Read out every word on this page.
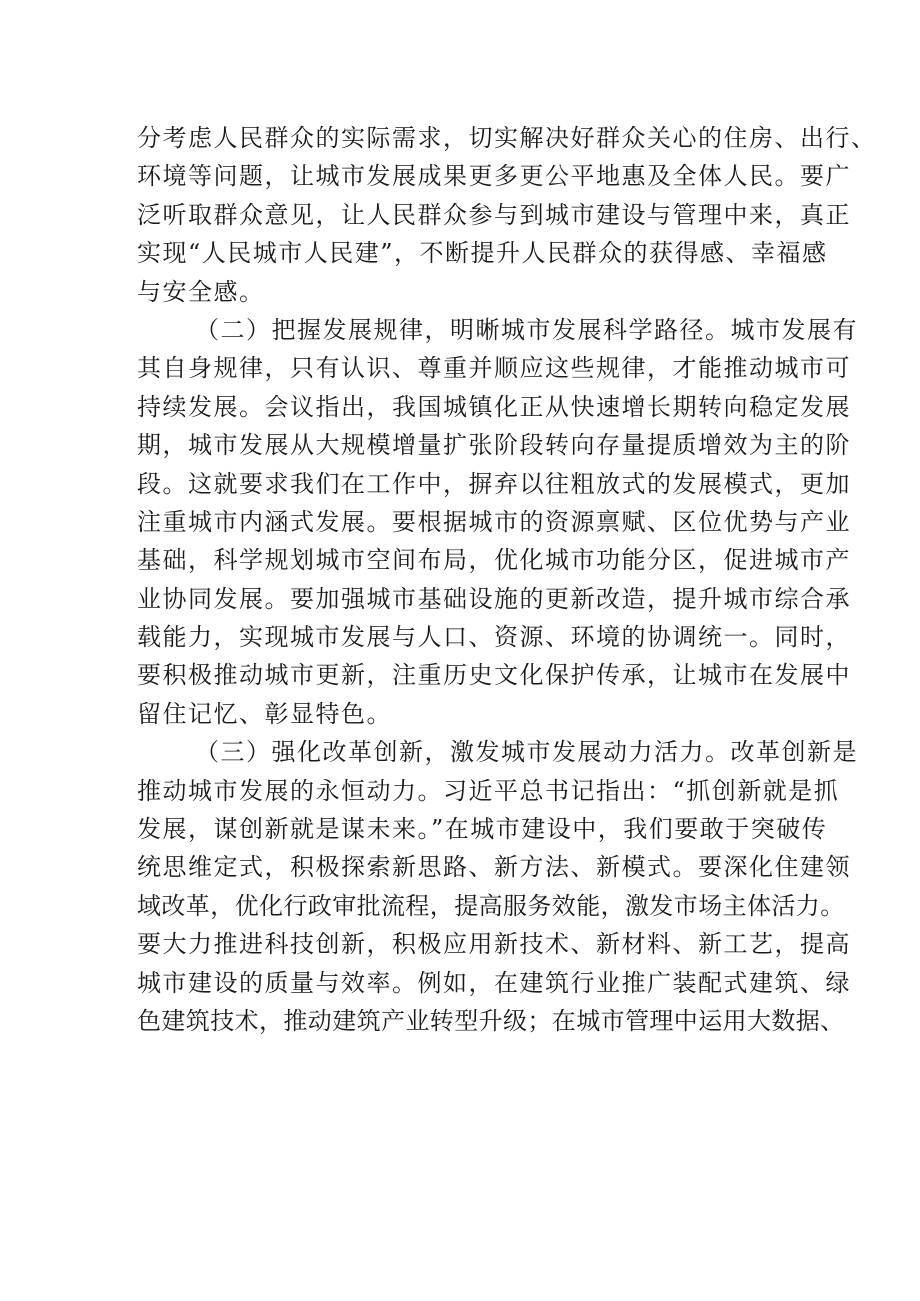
分考虑人民群众的实际需求，切实解决好群众关心的住房、出行、
环境等问题，让城市发展成果更多更公平地惠及全体人民。要广
泛听取群众意见，让人民群众参与到城市建设与管理中来，真正
实现“人民城市人民建”，不断提升人民群众的获得感、幸福感
与安全感。
（二）把握发展规律，明晰城市发展科学路径。城市发展有
其自身规律，只有认识、尊重并顺应这些规律，才能推动城市可
持续发展。会议指出，我国城镇化正从快速增长期转向稳定发展
期，城市发展从大规模增量扩张阶段转向存量提质增效为主的阶
段。这就要求我们在工作中，摒弃以往粗放式的发展模式，更加
注重城市内涵式发展。要根据城市的资源禀赋、区位优势与产业
基础，科学规划城市空间布局，优化城市功能分区，促进城市产
业协同发展。要加强城市基础设施的更新改造，提升城市综合承
载能力，实现城市发展与人口、资源、环境的协调统一。同时，
要积极推动城市更新，注重历史文化保护传承，让城市在发展中
留住记忆、彰显特色。
（三）强化改革创新，激发城市发展动力活力。改革创新是
推动城市发展的永恒动力。习近平总书记指出：“抓创新就是抓
发展，谋创新就是谋未来。”在城市建设中，我们要敢于突破传
统思维定式，积极探索新思路、新方法、新模式。要深化住建领
域改革，优化行政审批流程，提高服务效能，激发市场主体活力。
要大力推进科技创新，积极应用新技术、新材料、新工艺，提高
城市建设的质量与效率。例如，在建筑行业推广装配式建筑、绿
色建筑技术，推动建筑产业转型升级；在城市管理中运用大数据、
